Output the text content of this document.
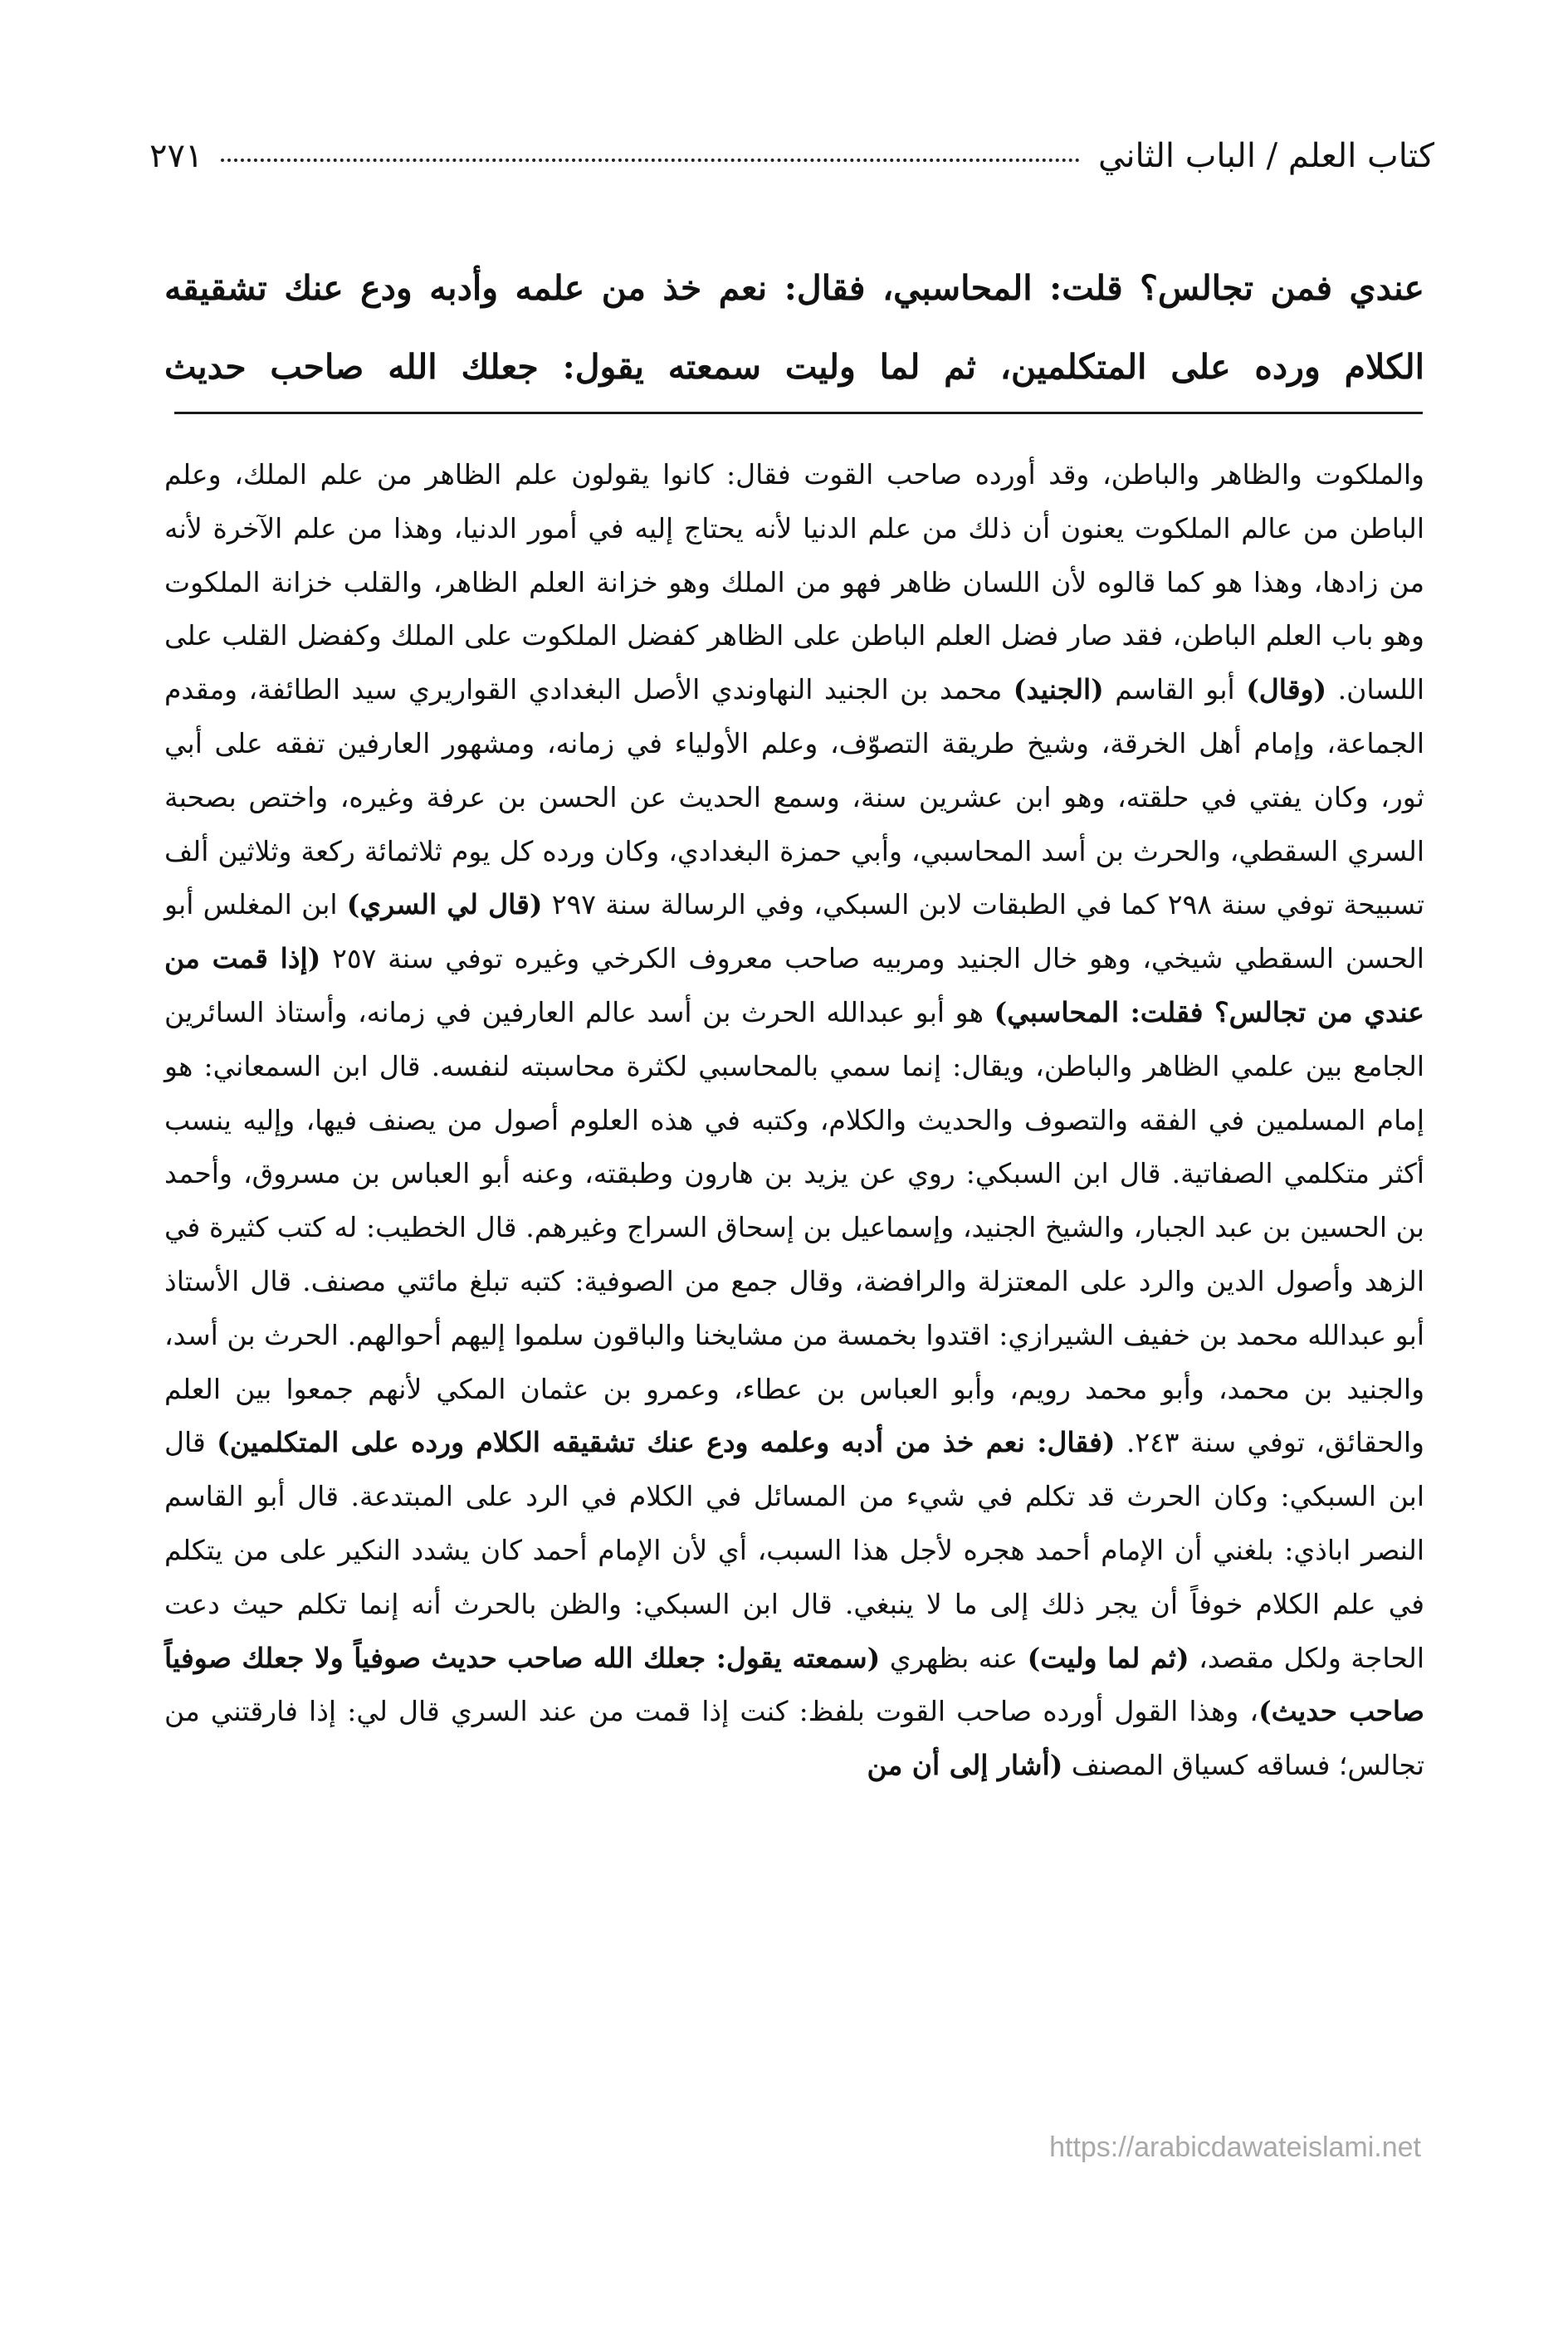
كتاب العلم / الباب الثاني
٢٧١

عندي فمن تجالس؟ قلت: المحاسبي، فقال: نعم خذ من علمه وأدبه ودع عنك تشقيقه الكلام ورده على المتكلمين، ثم لما وليت سمعته يقول: جعلك الله صاحب حديث

والملكوت والظاهر والباطن، وقد أورده صاحب القوت فقال: كانوا يقولون علم الظاهر من علم الملك، وعلم الباطن من عالم الملكوت يعنون أن ذلك من علم الدنيا لأنه يحتاج إليه في أمور الدنيا، وهذا من علم الآخرة لأنه من زادها، وهذا هو كما قالوه لأن اللسان ظاهر فهو من الملك وهو خزانة العلم الظاهر، والقلب خزانة الملكوت وهو باب العلم الباطن، فقد صار فضل العلم الباطن على الظاهر كفضل الملكوت على الملك وكفضل القلب على اللسان. (وقال) أبو القاسم (الجنيد) محمد بن الجنيد النهاوندي الأصل البغدادي القواريري سيد الطائفة، ومقدم الجماعة، وإمام أهل الخرقة، وشيخ طريقة التصوّف، وعلم الأولياء في زمانه، ومشهور العارفين تفقه على أبي ثور، وكان يفتي في حلقته، وهو ابن عشرين سنة، وسمع الحديث عن الحسن بن عرفة وغيره، واختص بصحبة السري السقطي، والحرث بن أسد المحاسبي، وأبي حمزة البغدادي، وكان ورده كل يوم ثلاثمائة ركعة وثلاثين ألف تسبيحة توفي سنة ٢٩٨ كما في الطبقات لابن السبكي، وفي الرسالة سنة ٢٩٧ (قال لي السري) ابن المغلس أبو الحسن السقطي شيخي، وهو خال الجنيد ومربيه صاحب معروف الكرخي وغيره توفي سنة ٢٥٧ (إذا قمت من عندي من تجالس؟ فقلت: المحاسبي) هو أبو عبدالله الحرث بن أسد عالم العارفين في زمانه، وأستاذ السائرين الجامع بين علمي الظاهر والباطن، ويقال: إنما سمي بالمحاسبي لكثرة محاسبته لنفسه. قال ابن السمعاني: هو إمام المسلمين في الفقه والتصوف والحديث والكلام، وكتبه في هذه العلوم أصول من يصنف فيها، وإليه ينسب أكثر متكلمي الصفاتية. قال ابن السبكي: روي عن يزيد بن هارون وطبقته، وعنه أبو العباس بن مسروق، وأحمد بن الحسين بن عبد الجبار، والشيخ الجنيد، وإسماعيل بن إسحاق السراج وغيرهم. قال الخطيب: له كتب كثيرة في الزهد وأصول الدين والرد على المعتزلة والرافضة، وقال جمع من الصوفية: كتبه تبلغ مائتي مصنف. قال الأستاذ أبو عبدالله محمد بن خفيف الشيرازي: اقتدوا بخمسة من مشايخنا والباقون سلموا إليهم أحوالهم. الحرث بن أسد، والجنيد بن محمد، وأبو محمد رويم، وأبو العباس بن عطاء، وعمرو بن عثمان المكي لأنهم جمعوا بين العلم والحقائق، توفي سنة ٢٤٣. (فقال: نعم خذ من أدبه وعلمه ودع عنك تشقيقه الكلام ورده على المتكلمين) قال ابن السبكي: وكان الحرث قد تكلم في شيء من المسائل في الكلام في الرد على المبتدعة. قال أبو القاسم النصر اباذي: بلغني أن الإمام أحمد هجره لأجل هذا السبب، أي لأن الإمام أحمد كان يشدد النكير على من يتكلم في علم الكلام خوفاً أن يجر ذلك إلى ما لا ينبغي. قال ابن السبكي: والظن بالحرث أنه إنما تكلم حيث دعت الحاجة ولكل مقصد، (ثم لما وليت) عنه بظهري (سمعته يقول: جعلك الله صاحب حديث صوفياً ولا جعلك صوفياً صاحب حديث)، وهذا القول أورده صاحب القوت بلفظ: كنت إذا قمت من عند السري قال لي: إذا فارقتني من تجالس؛ فساقه كسياق المصنف (أشار إلى أن من

https://arabicdawateislami.net
